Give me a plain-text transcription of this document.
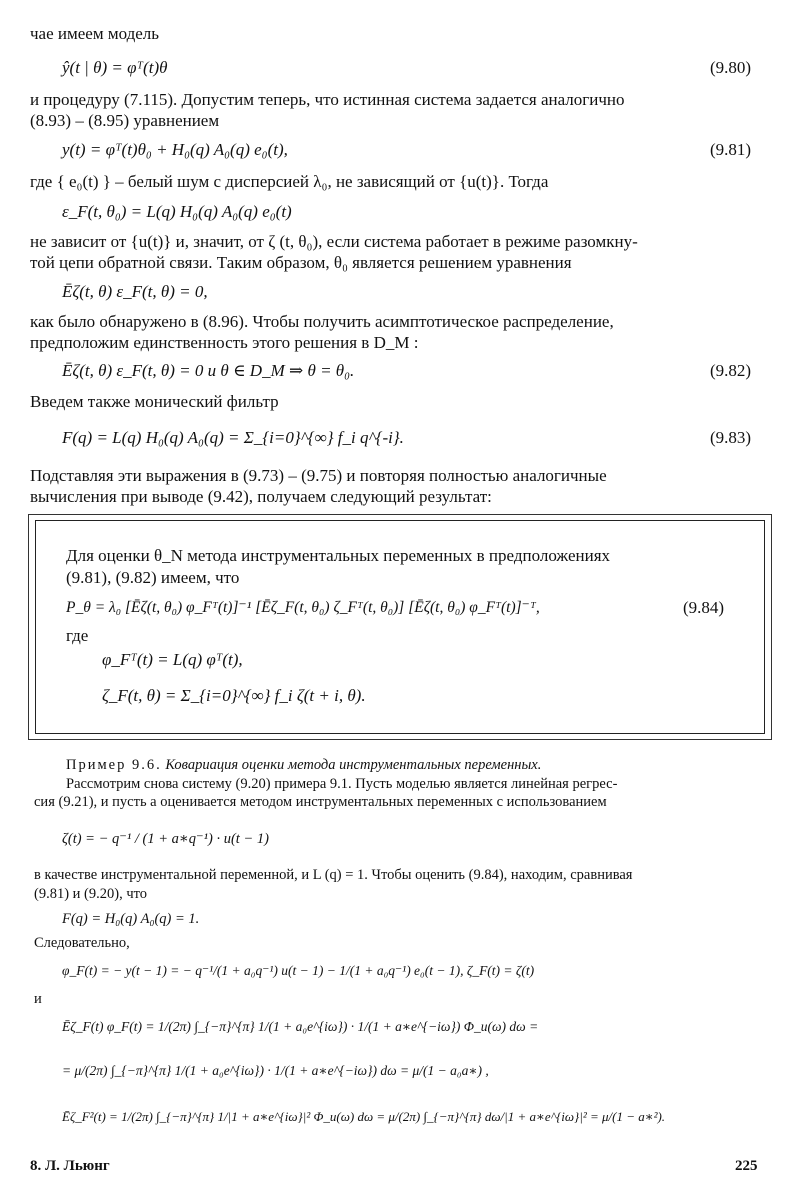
чае имеем модель
ŷ(t | θ) = φᵀ(t)θ	(9.80)
и процедуру (7.115). Допустим теперь, что истинная система задается аналогично
(8.93) – (8.95) уравнением
y(t) = φᵀ(t)θ₀ + H₀(q) A₀(q) e₀(t),	(9.81)
где { e₀(t) } – белый шум с дисперсией λ₀, не зависящий от {u(t)}. Тогда
ε_F(t, θ₀) = L(q) H₀(q) A₀(q) e₀(t)
не зависит от {u(t)} и, значит, от ζ (t, θ₀), если система работает в режиме разомкну-
той цепи обратной связи. Таким образом, θ₀ является решением уравнения
Ēζ(t, θ) ε_F(t, θ) = 0,
как было обнаружено в (8.96). Чтобы получить асимптотическое распределение,
предположим единственность этого решения в D_M :
Ēζ(t, θ) ε_F(t, θ) = 0 и θ ∈ D_M ⇒ θ = θ₀.	(9.82)
Введем также монический фильтр
F(q) = L(q) H₀(q) A₀(q) = Σ_{i=0}^{∞} f_i q^{-i}.	(9.83)
Подставляя эти выражения в (9.73) – (9.75) и повторяя полностью аналогичные
вычисления при выводе (9.42), получаем следующий результат:
Для оценки θ_N метода инструментальных переменных в предположениях
(9.81), (9.82) имеем, что
P_θ = λ₀ [Ēζ(t, θ₀) φ_Fᵀ(t)]⁻¹ [Ēζ_F(t, θ₀) ζ_Fᵀ(t, θ₀)] [Ēζ(t, θ₀) φ_Fᵀ(t)]⁻ᵀ,	(9.84)
где
φ_Fᵀ(t) = L(q) φᵀ(t),
ζ_F(t, θ) = Σ_{i=0}^{∞} f_i ζ(t + i, θ).
Пример 9.6. Ковариация оценки метода инструментальных переменных.
Рассмотрим снова систему (9.20) примера 9.1. Пусть моделью является линейная регрес-
сия (9.21), и пусть a оценивается методом инструментальных переменных с использованием
ζ(t) = − q⁻¹ / (1 + a∗q⁻¹) · u(t − 1)
в качестве инструментальной переменной, и L (q) = 1. Чтобы оценить (9.84), находим, сравнивая
(9.81) и (9.20), что
F(q) = H₀(q) A₀(q) = 1.
Следовательно,
φ_F(t) = − y(t − 1) = − q⁻¹/(1 + a₀q⁻¹) u(t − 1) − 1/(1 + a₀q⁻¹) e₀(t − 1), ζ_F(t) = ζ(t)
и
Ēζ_F(t) φ_F(t) = 1/(2π) ∫_{−π}^{π} 1/(1 + a₀e^{iω}) · 1/(1 + a∗e^{−iω}) Φ_u(ω) dω =
= μ/(2π) ∫_{−π}^{π} 1/(1 + a₀e^{iω}) · 1/(1 + a∗e^{−iω}) dω = μ/(1 − a₀a∗) ,
Ēζ_F²(t) = 1/(2π) ∫_{−π}^{π} 1/|1 + a∗e^{iω}|² Φ_u(ω) dω = μ/(2π) ∫_{−π}^{π} dω/|1 + a∗e^{iω}|² = μ/(1 − a∗²).
8. Л. Льюнг	225
